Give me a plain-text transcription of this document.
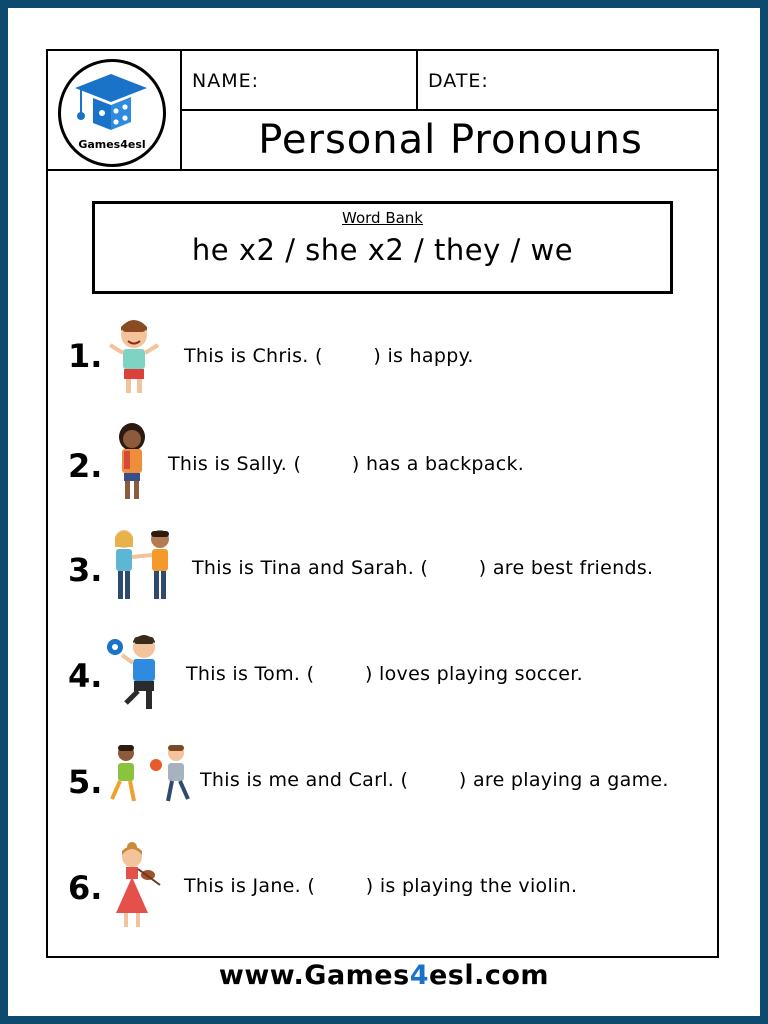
Games4esl
NAME:	DATE:
Personal Pronouns
Word Bank
he x2 / she x2 / they / we
1.	This is Chris. (        ) is happy.
2.	This is Sally. (        ) has a backpack.
3.	This is Tina and Sarah. (        ) are best friends.
4.	This is Tom. (        ) loves playing soccer.
5.	This is me and Carl. (        ) are playing a game.
6.	This is Jane. (        ) is playing the violin.
www.Games4esl.com
